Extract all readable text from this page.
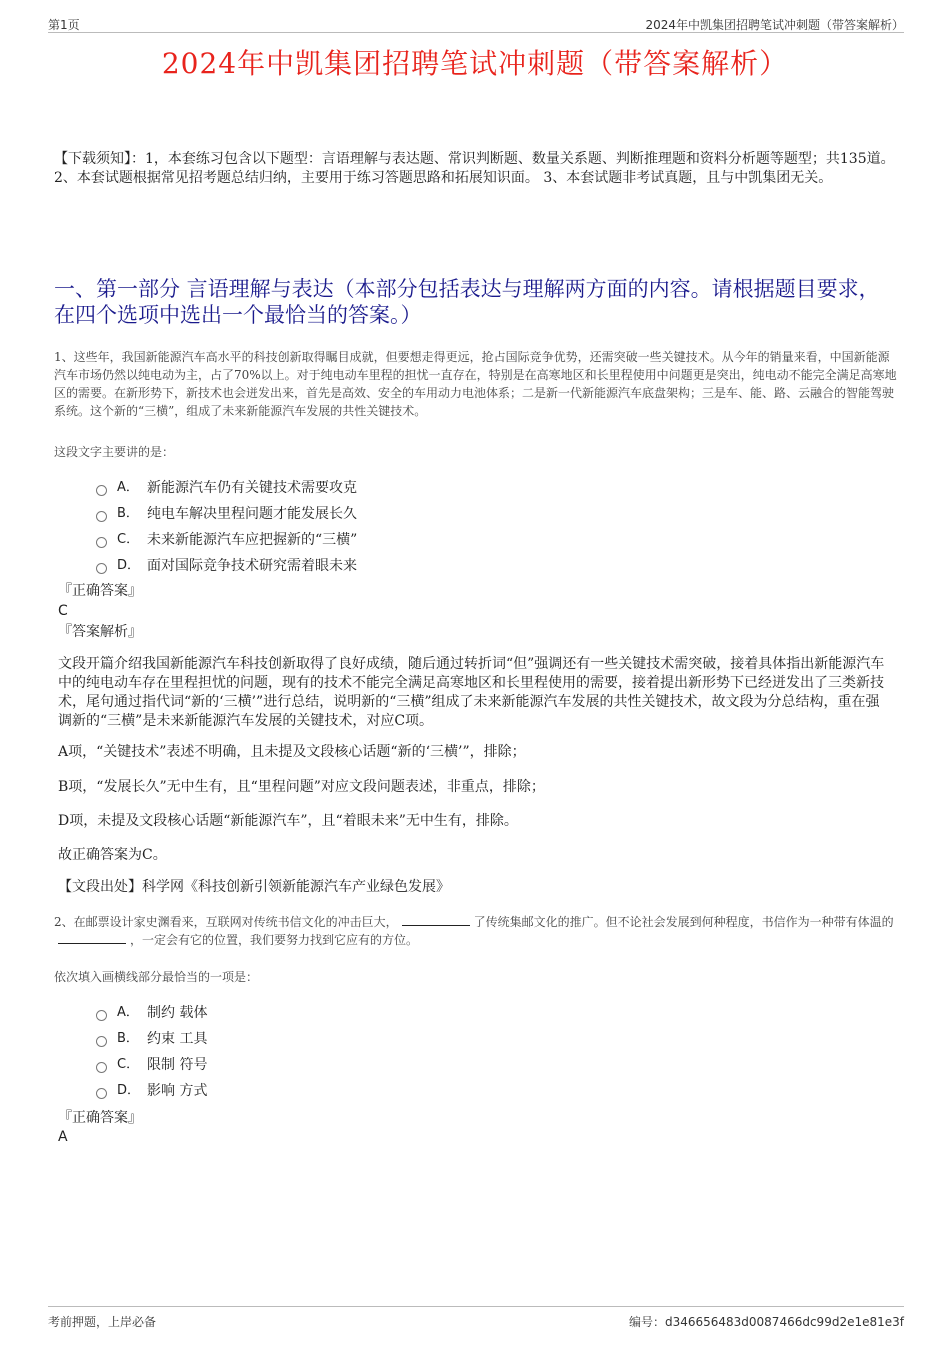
第1页	2024年中凯集团招聘笔试冲刺题（带答案解析）
2024年中凯集团招聘笔试冲刺题（带答案解析）
【下载须知】：1，本套练习包含以下题型：言语理解与表达题、常识判断题、数量关系题、判断推理题和资料分析题等题型；共135道。 2、本套试题根据常见招考题总结归纳，主要用于练习答题思路和拓展知识面。 3、本套试题非考试真题，且与中凯集团无关。
一、第一部分 言语理解与表达（本部分包括表达与理解两方面的内容。请根据题目要求，在四个选项中选出一个最恰当的答案。）
1、这些年，我国新能源汽车高水平的科技创新取得瞩目成就，但要想走得更远，抢占国际竞争优势，还需突破一些关键技术。从今年的销量来看，中国新能源汽车市场仍然以纯电动为主，占了70%以上。对于纯电动车里程的担忧一直存在，特别是在高寒地区和长里程使用中问题更是突出，纯电动不能完全满足高寒地区的需要。在新形势下，新技术也会迸发出来，首先是高效、安全的车用动力电池体系；二是新一代新能源汽车底盘架构；三是车、能、路、云融合的智能驾驶系统。这个新的“三横”，组成了未来新能源汽车发展的共性关键技术。
这段文字主要讲的是：
A． 新能源汽车仍有关键技术需要攻克
B． 纯电车解决里程问题才能发展长久
C． 未来新能源汽车应把握新的“三横”
D． 面对国际竞争技术研究需着眼未来
『正确答案』
C
『答案解析』
文段开篇介绍我国新能源汽车科技创新取得了良好成绩，随后通过转折词“但”强调还有一些关键技术需突破，接着具体指出新能源汽车中的纯电动车存在里程担忧的问题，现有的技术不能完全满足高寒地区和长里程使用的需要，接着提出新形势下已经迸发出了三类新技术，尾句通过指代词“新的‘三横’”进行总结，说明新的“三横”组成了未来新能源汽车发展的共性关键技术，故文段为分总结构，重在强调新的“三横”是未来新能源汽车发展的关键技术，对应C项。
A项，“关键技术”表述不明确，且未提及文段核心话题“新的‘三横’”，排除；
B项，“发展长久”无中生有，且“里程问题”对应文段问题表述，非重点，排除；
D项，未提及文段核心话题“新能源汽车”，且“着眼未来”无中生有，排除。
故正确答案为C。
【文段出处】科学网《科技创新引领新能源汽车产业绿色发展》
2、在邮票设计家史渊看来，互联网对传统书信文化的冲击巨大，	了传统集邮文化的推广。但不论社会发展到何种程度，书信作为一种带有体温的，一定会有它的位置，我们要努力找到它应有的方位。
依次填入画横线部分最恰当的一项是：
A． 制约 载体
B． 约束 工具
C． 限制 符号
D． 影响 方式
『正确答案』
A
考前押题，上岸必备	编号：d346656483d0087466dc99d2e1e81e3f
